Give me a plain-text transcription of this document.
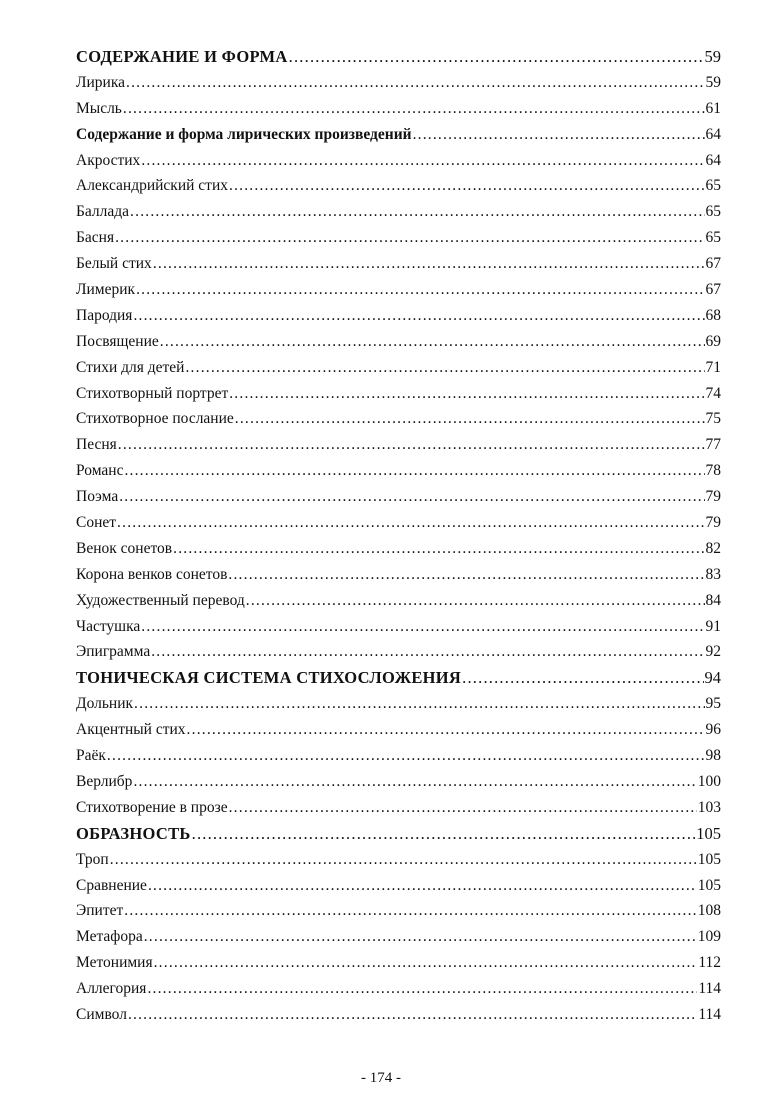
СОДЕРЖАНИЕ И ФОРМА .....	59
Лирика .....	59
Мысль .....	61
Содержание и форма лирических произведений .....	64
Акростих .....	64
Александрийский стих .....	65
Баллада .....	65
Басня .....	65
Белый стих .....	67
Лимерик .....	67
Пародия .....	68
Посвящение .....	69
Стихи для детей .....	71
Стихотворный портрет .....	74
Стихотворное послание .....	75
Песня .....	77
Романс .....	78
Поэма .....	79
Сонет .....	79
Венок сонетов .....	82
Корона венков сонетов .....	83
Художественный перевод .....	84
Частушка .....	91
Эпиграмма .....	92
ТОНИЧЕСКАЯ СИСТЕМА СТИХОСЛОЖЕНИЯ .....	94
Дольник .....	95
Акцентный стих .....	96
Раёк .....	98
Верлибр .....	100
Стихотворение в прозе .....	103
ОБРАЗНОСТЬ .....	105
Троп .....	105
Сравнение .....	105
Эпитет .....	108
Метафора .....	109
Метонимия .....	112
Аллегория .....	114
Символ .....	114
- 174 -
